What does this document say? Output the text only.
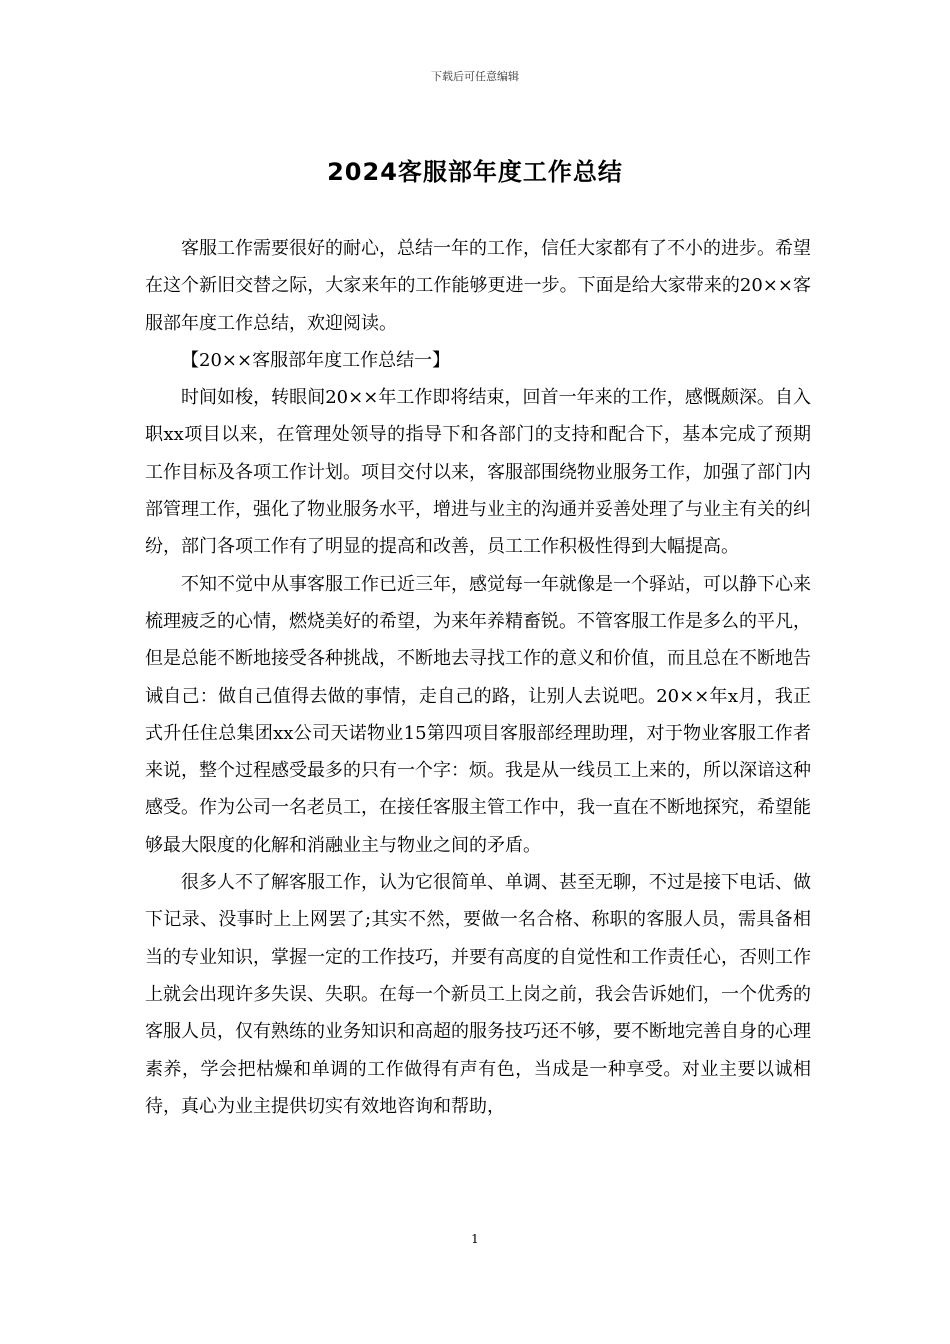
下载后可任意编辑
2024客服部年度工作总结

客服工作需要很好的耐心，总结一年的工作，信任大家都有了不小的进步。希望在这个新旧交替之际，大家来年的工作能够更进一步。下面是给大家带来的20××客服部年度工作总结，欢迎阅读。

【20××客服部年度工作总结一】

时间如梭，转眼间20××年工作即将结束，回首一年来的工作，感慨颇深。自入职xx项目以来，在管理处领导的指导下和各部门的支持和配合下，基本完成了预期工作目标及各项工作计划。项目交付以来，客服部围绕物业服务工作，加强了部门内部管理工作，强化了物业服务水平，增进与业主的沟通并妥善处理了与业主有关的纠纷，部门各项工作有了明显的提高和改善，员工工作积极性得到大幅提高。

不知不觉中从事客服工作已近三年，感觉每一年就像是一个驿站，可以静下心来梳理疲乏的心情，燃烧美好的希望，为来年养精畜锐。不管客服工作是多么的平凡，但是总能不断地接受各种挑战，不断地去寻找工作的意义和价值，而且总在不断地告诫自己：做自己值得去做的事情，走自己的路，让别人去说吧。20××年x月，我正式升任住总集团xx公司天诺物业15第四项目客服部经理助理，对于物业客服工作者来说，整个过程感受最多的只有一个字：烦。我是从一线员工上来的，所以深谙这种感受。作为公司一名老员工，在接任客服主管工作中，我一直在不断地探究，希望能够最大限度的化解和消融业主与物业之间的矛盾。

很多人不了解客服工作，认为它很简单、单调、甚至无聊，不过是接下电话、做下记录、没事时上上网罢了;其实不然，要做一名合格、称职的客服人员，需具备相当的专业知识，掌握一定的工作技巧，并要有高度的自觉性和工作责任心，否则工作上就会出现许多失误、失职。在每一个新员工上岗之前，我会告诉她们，一个优秀的客服人员，仅有熟练的业务知识和高超的服务技巧还不够，要不断地完善自身的心理素养，学会把枯燥和单调的工作做得有声有色，当成是一种享受。对业主要以诚相待，真心为业主提供切实有效地咨询和帮助，

1
